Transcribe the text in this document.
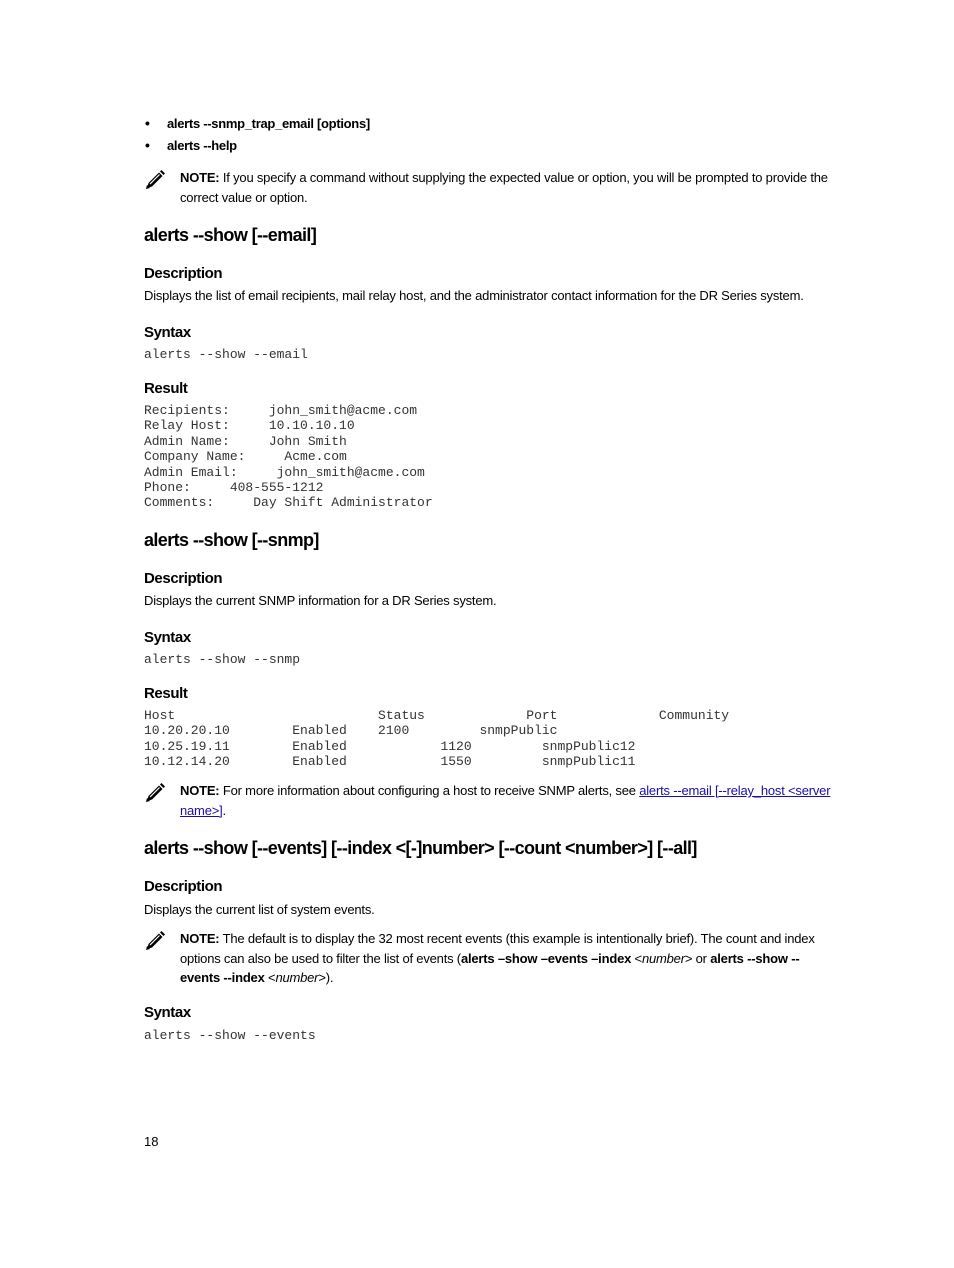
• alerts --snmp_trap_email [options]
• alerts --help
NOTE: If you specify a command without supplying the expected value or option, you will be prompted to provide the correct value or option.
alerts --show [--email]
Description
Displays the list of email recipients, mail relay host, and the administrator contact information for the DR Series system.
Syntax
alerts --show --email
Result
Recipients:     john_smith@acme.com
Relay Host:     10.10.10.10
Admin Name:     John Smith
Company Name:     Acme.com
Admin Email:     john_smith@acme.com
Phone:     408-555-1212
Comments:     Day Shift Administrator
alerts --show [--snmp]
Description
Displays the current SNMP information for a DR Series system.
Syntax
alerts --show --snmp
Result
Host                          Status             Port             Community
10.20.20.10        Enabled    2100         snmpPublic
10.25.19.11        Enabled            1120         snmpPublic12
10.12.14.20        Enabled            1550         snmpPublic11
NOTE: For more information about configuring a host to receive SNMP alerts, see alerts --email [--relay_host <server name>].
alerts --show [--events] [--index <[-]number> [--count <number>] [--all]
Description
Displays the current list of system events.
NOTE: The default is to display the 32 most recent events (this example is intentionally brief). The count and index options can also be used to filter the list of events (alerts –show –events –index <number> or alerts --show --events --index <number>).
Syntax
alerts --show --events
18
